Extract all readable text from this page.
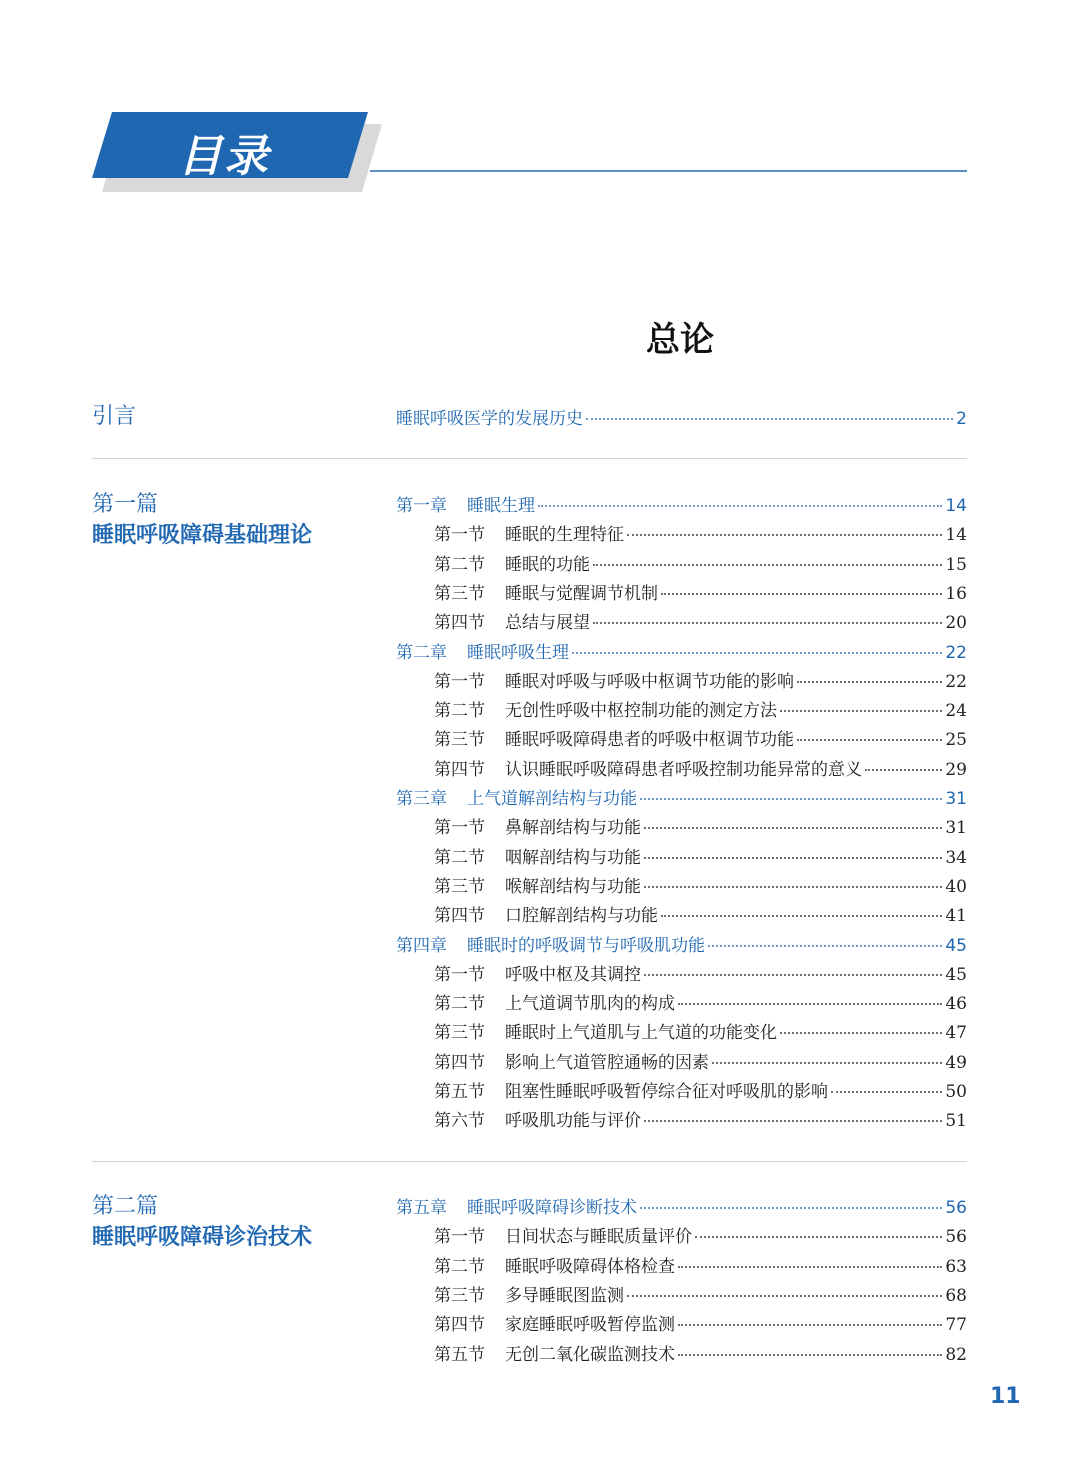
目录
总论
引言	睡眠呼吸医学的发展历史	2
第一篇
睡眠呼吸障碍基础理论
第一章 睡眠生理	14
第一节 睡眠的生理特征	14
第二节 睡眠的功能	15
第三节 睡眠与觉醒调节机制	16
第四节 总结与展望	20
第二章 睡眠呼吸生理	22
第一节 睡眠对呼吸与呼吸中枢调节功能的影响	22
第二节 无创性呼吸中枢控制功能的测定方法	24
第三节 睡眠呼吸障碍患者的呼吸中枢调节功能	25
第四节 认识睡眠呼吸障碍患者呼吸控制功能异常的意义	29
第三章 上气道解剖结构与功能	31
第一节 鼻解剖结构与功能	31
第二节 咽解剖结构与功能	34
第三节 喉解剖结构与功能	40
第四节 口腔解剖结构与功能	41
第四章 睡眠时的呼吸调节与呼吸肌功能	45
第一节 呼吸中枢及其调控	45
第二节 上气道调节肌肉的构成	46
第三节 睡眠时上气道肌与上气道的功能变化	47
第四节 影响上气道管腔通畅的因素	49
第五节 阻塞性睡眠呼吸暂停综合征对呼吸肌的影响	50
第六节 呼吸肌功能与评价	51
第五章 睡眠呼吸障碍诊断技术	56
第一节 日间状态与睡眠质量评价	56
第二节 睡眠呼吸障碍体格检查	63
第三节 多导睡眠图监测	68
第四节 家庭睡眠呼吸暂停监测	77
第五节 无创二氧化碳监测技术	82
第二篇
睡眠呼吸障碍诊治技术
11
